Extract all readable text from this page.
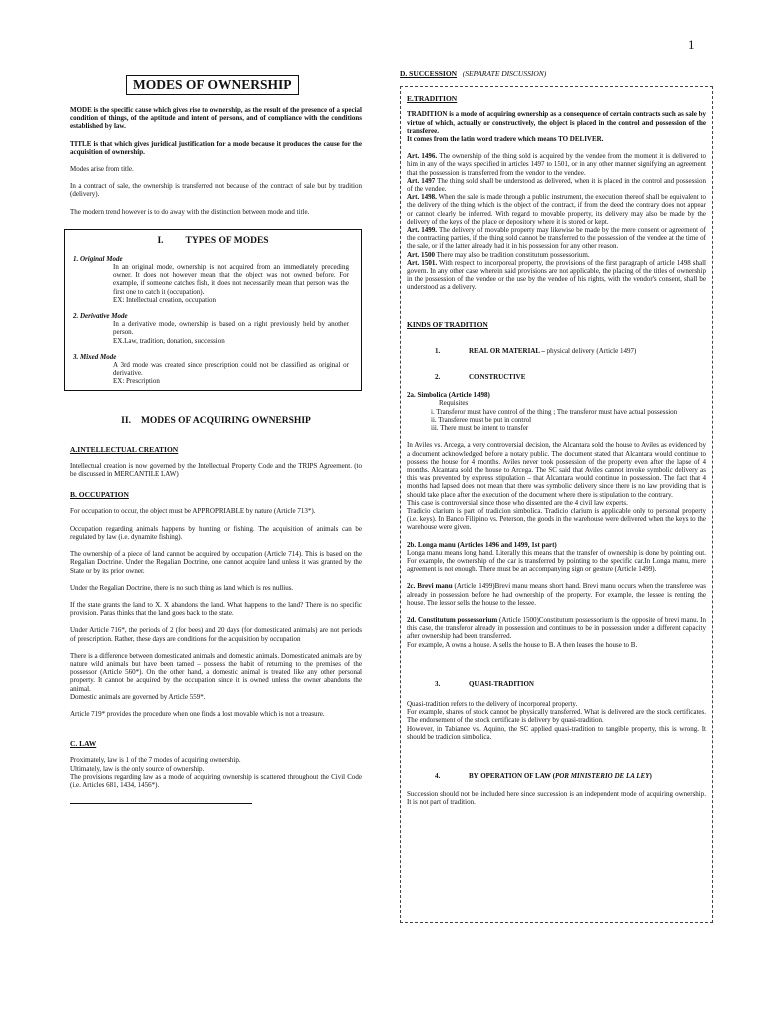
1
MODES OF OWNERSHIP

MODE is the specific cause which gives rise to ownership, as the result of the presence of a special condition of things, of the aptitude and intent of persons, and of compliance with the conditions established by law.

TITLE is that which gives juridical justification for a mode because it produces the cause for the acquisition of ownership.

Modes arise from title.

In a contract of sale, the ownership is transferred not because of the contract of sale but by tradition (delivery).

The modern trend however is to do away with the distinction between mode and title.

I. TYPES OF MODES
1. Original Mode

In an original mode, ownership is not acquired from an immediately preceding owner. It does not however mean that the object was not owned before. For example, if someone catches fish, it does not necessarily mean that person was the first one to catch it (occupation).

EX: Intellectual creation, occupation

2. Derivative Mode

In a derivative mode, ownership is based on a right previously held by another person.

EX.Law, tradition, donation, succession

3. Mixed Mode

A 3rd mode was created since prescription could not be classified as original or derivative.

EX: Prescription

II. MODES OF ACQUIRING OWNERSHIP
A.INTELLECTUAL CREATION

Intellectual creation is now governed by the Intellectual Property Code and the TRIPS Agreement. (to be discussed in MERCANTILE LAW)

B. OCCUPATION

For occupation to occur, the object must be APPROPRIABLE by nature (Article 713*).

Occupation regarding animals happens by hunting or fishing. The acquisition of animals can be regulated by law (i.e. dynamite fishing).

The ownership of a piece of land cannot be acquired by occupation (Article 714). This is based on the Regalian Doctrine. Under the Regalian Doctrine, one cannot acquire land unless it was granted by the State or by its prior owner.

Under the Regalian Doctrine, there is no such thing as land which is res nullius.

If the state grants the land to X. X abandons the land. What happens to the land? There is no specific provision. Paras thinks that the land goes back to the state.

Under Article 716*, the periods of 2 (for bees) and 20 days (for domesticated animals) are not periods of prescription. Rather, these days are conditions for the acquisition by occupation

There is a difference between domesticated animals and domestic animals. Domesticated animals are by nature wild animals but have been tamed – possess the habit of returning to the premises of the possessor (Article 560*). On the other hand, a domestic animal is treated like any other personal property. It cannot be acquired by the occupation since it is owned unless the owner abandons the animal.

Domestic animals are governed by Article 559*.

Article 719* provides the procedure when one finds a lost movable which is not a treasure.

C. LAW

Proximately, law is 1 of the 7 modes of acquiring ownership.

Ultimately, law is the only source of ownership.

The provisions regarding law as a mode of acquiring ownership is scattered throughout the Civil Code (i.e. Articles 681, 1434, 1456*).

D. SUCCESSION (SEPARATE DISCUSSION)
E.TRADITION

TRADITION is a mode of acquiring ownership as a consequence of certain contracts such as sale by virtue of which, actually or constructively, the object is placed in the control and possession of the transferee.

It comes from the latin word tradere which means TO DELIVER.

Art. 1496. The ownership of the thing sold is acquired by the vendee from the moment it is delivered to him in any of the ways specified in articles 1497 to 1501, or in any other manner signifying an agreement that the possession is transferred from the vendor to the vendee.

Art. 1497 The thing sold shall be understood as delivered, when it is placed in the control and possession of the vendee.

Art. 1498. When the sale is made through a public instrument, the execution thereof shall be equivalent to the delivery of the thing which is the object of the contract, if from the deed the contrary does not appear or cannot clearly be inferred. With regard to movable property, its delivery may also be made by the delivery of the keys of the place or depository where it is stored or kept.

Art. 1499. The delivery of movable property may likewise be made by the mere consent or agreement of the contracting parties, if the thing sold cannot be transferred to the possession of the vendee at the time of the sale, or if the latter already had it in his possession for any other reason.

Art. 1500 There may also be tradition constitutum possessorium.

Art. 1501. With respect to incorporeal property, the provisions of the first paragraph of article 1498 shall govern. In any other case wherein said provisions are not applicable, the placing of the titles of ownership in the possession of the vendee or the use by the vendee of his rights, with the vendor's consent, shall be understood as a delivery.

KINDS OF TRADITION

1.	REAL OR MATERIAL – physical delivery (Article 1497)

2.	CONSTRUCTIVE

2a. Simbolica (Article 1498)

Requisites

i. Transferor must have control of the thing ; The transferor must have actual possession

ii. Transferee must be put in control

iii. There must be intent to transfer

In Aviles vs. Arcega, a very controversial decision, the Alcantara sold the house to Aviles as evidenced by a document acknowledged before a notary public. The document stated that Alcantara would continue to possess the house for 4 months. Aviles never took possession of the property even after the lapse of 4 months. Alcantara sold the house to Arcega. The SC said that Aviles cannot invoke symbolic delivery as this was prevented by express stipulation – that Alcantara would continue in possession. The fact that 4 months had lapsed does not mean that there was symbolic delivery since there is no law providing that is should take place after the execution of the document where there is stipulation to the contrary.

This case is controversial since those who dissented are the 4 civil law experts.

Tradicio clarium is part of tradicion simbolica. Tradicio clarium is applicable only to personal property (i.e. keys). In Banco Filipino vs. Peterson, the goods in the warehouse were delivered when the keys to the warehouse were given.

2b. Longa manu (Articles 1496 and 1499, 1st part)

Longa manu means long hand. Literally this means that the transfer of ownership is done by pointing out. For example, the ownership of the car is transferred by pointing to the specific car.In Longa manu, mere agreement is not enough. There must be an accompanying sign or gesture (Article 1499).

2c. Brevi manu (Article 1499)Brevi manu means short hand. Brevi manu occurs when the transferee was already in possession before he had ownership of the property. For example, the lessee is renting the house. The lessor sells the house to the lessee.

2d. Constitutum possessorium (Article 1500)Constitutum possessorium is the opposite of brevi manu. In this case, the transferor already in possession and continues to be in possession under a different capacity after ownership had been transferred.

For example, A owns a house. A sells the house to B. A then leases the house to B.

3.	QUASI-TRADITION

Quasi-tradition refers to the delivery of incorporeal property.

For example, shares of stock cannot be physically transferred. What is delivered are the stock certificates. The endorsement of the stock certificate is delivery by quasi-tradition.

However, in Tabianee vs. Aquino, the SC applied quasi-tradition to tangible property, this is wrong. It should be tradicion simbolica.

4.	BY OPERATION OF LAW (POR MINISTERIO DE LA LEY)

Succession should not be included here since succession is an independent mode of acquiring ownership. It is not part of tradition.
